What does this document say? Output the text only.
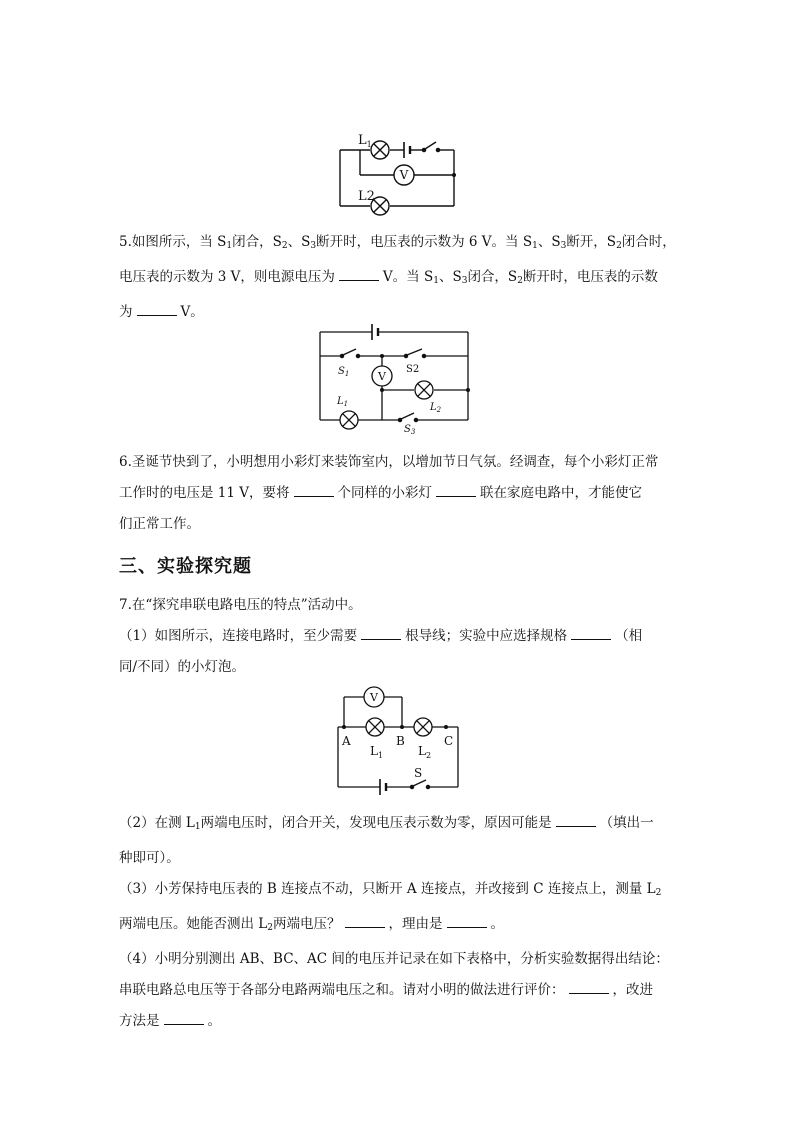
$L_1$
V
L2

5.如图所示，当 $S_1$闭合，$S_2$、$S_3$断开时，电压表的示数为 6 V。当 $S_1$、$S_3$断开，$S_2$闭合时，
电压表的示数为 3 V，则电源电压为	V。当 $S_1$、$S_3$闭合，$S_2$断开时，电压表的示数
为	V。

V
$S_1$	S2
$L_1$	$L_2$
$S_3$

6.圣诞节快到了，小明想用小彩灯来装饰室内，以增加节日气氛。经调查，每个小彩灯正常
工作时的电压是 11 V，要将	个同样的小彩灯	联在家庭电路中，才能使它
们正常工作。

三、实验探究题

7.在“探究串联电路电压的特点”活动中。
（1）如图所示，连接电路时，至少需要	根导线；实验中应选择规格	（相
同/不同）的小灯泡。

V
A
$L_1$
B
$L_2$
C
S

（2）在测 $L_1$两端电压时，闭合开关，发现电压表示数为零，原因可能是	（填出一
种即可）。
（3）小芳保持电压表的 B 连接点不动，只断开 A 连接点，并改接到 C 连接点上，测量 $L_2$
两端电压。她能否测出 $L_2$两端电压？	，理由是	。
（4）小明分别测出 AB、BC、AC 间的电压并记录在如下表格中，分析实验数据得出结论：
串联电路总电压等于各部分电路两端电压之和。请对小明的做法进行评价：	，改进
方法是	。
